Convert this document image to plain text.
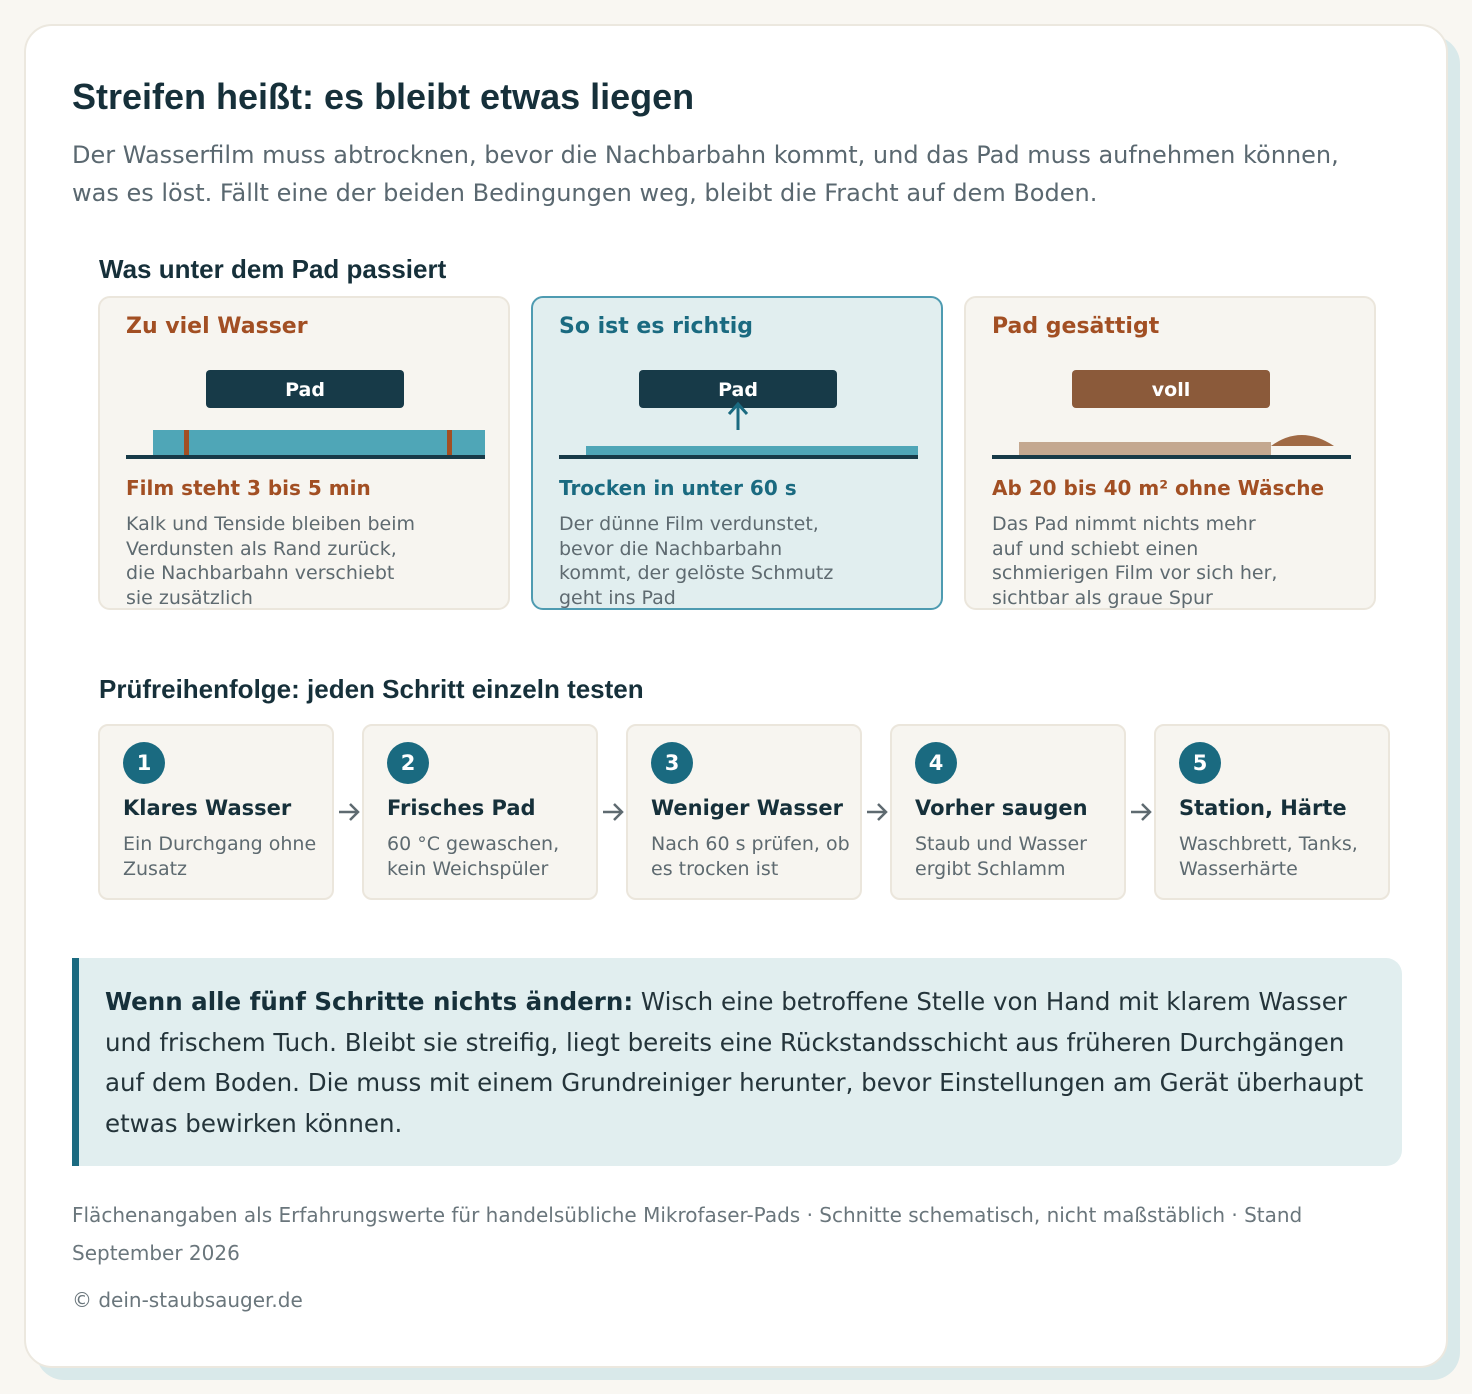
Streifen heißt: es bleibt etwas liegen

Der Wasserfilm muss abtrocknen, bevor die Nachbarbahn kommt, und das Pad muss aufnehmen können, was es löst. Fällt eine der beiden Bedingungen weg, bleibt die Fracht auf dem Boden.

Was unter dem Pad passiert
Zu viel Wasser
Pad
Film steht 3 bis 5 min
Kalk und Tenside bleiben beim Verdunsten als Rand zurück, die Nachbarbahn verschiebt sie zusätzlich
So ist es richtig
Pad
Trocken in unter 60 s
Der dünne Film verdunstet, bevor die Nachbarbahn kommt, der gelöste Schmutz geht ins Pad
Pad gesättigt
voll
Ab 20 bis 40 m² ohne Wäsche
Das Pad nimmt nichts mehr auf und schiebt einen schmierigen Film vor sich her, sichtbar als graue Spur
Prüfreihenfolge: jeden Schritt einzeln testen
1
Klares Wasser
Ein Durchgang ohne Zusatz
2
Frisches Pad
60 °C gewaschen, kein Weichspüler
3
Weniger Wasser
Nach 60 s prüfen, ob es trocken ist
4
Vorher saugen
Staub und Wasser ergibt Schlamm
5
Station, Härte
Waschbrett, Tanks, Wasserhärte

Wenn alle fünf Schritte nichts ändern: Wisch eine betroffene Stelle von Hand mit klarem Wasser und frischem Tuch. Bleibt sie streifig, liegt bereits eine Rückstandsschicht aus früheren Durchgängen auf dem Boden. Die muss mit einem Grundreiniger herunter, bevor Einstellungen am Gerät überhaupt etwas bewirken können.

Flächenangaben als Erfahrungswerte für handelsübliche Mikrofaser-Pads · Schnitte schematisch, nicht maßstäblich · Stand September 2026

© dein-staubsauger.de
